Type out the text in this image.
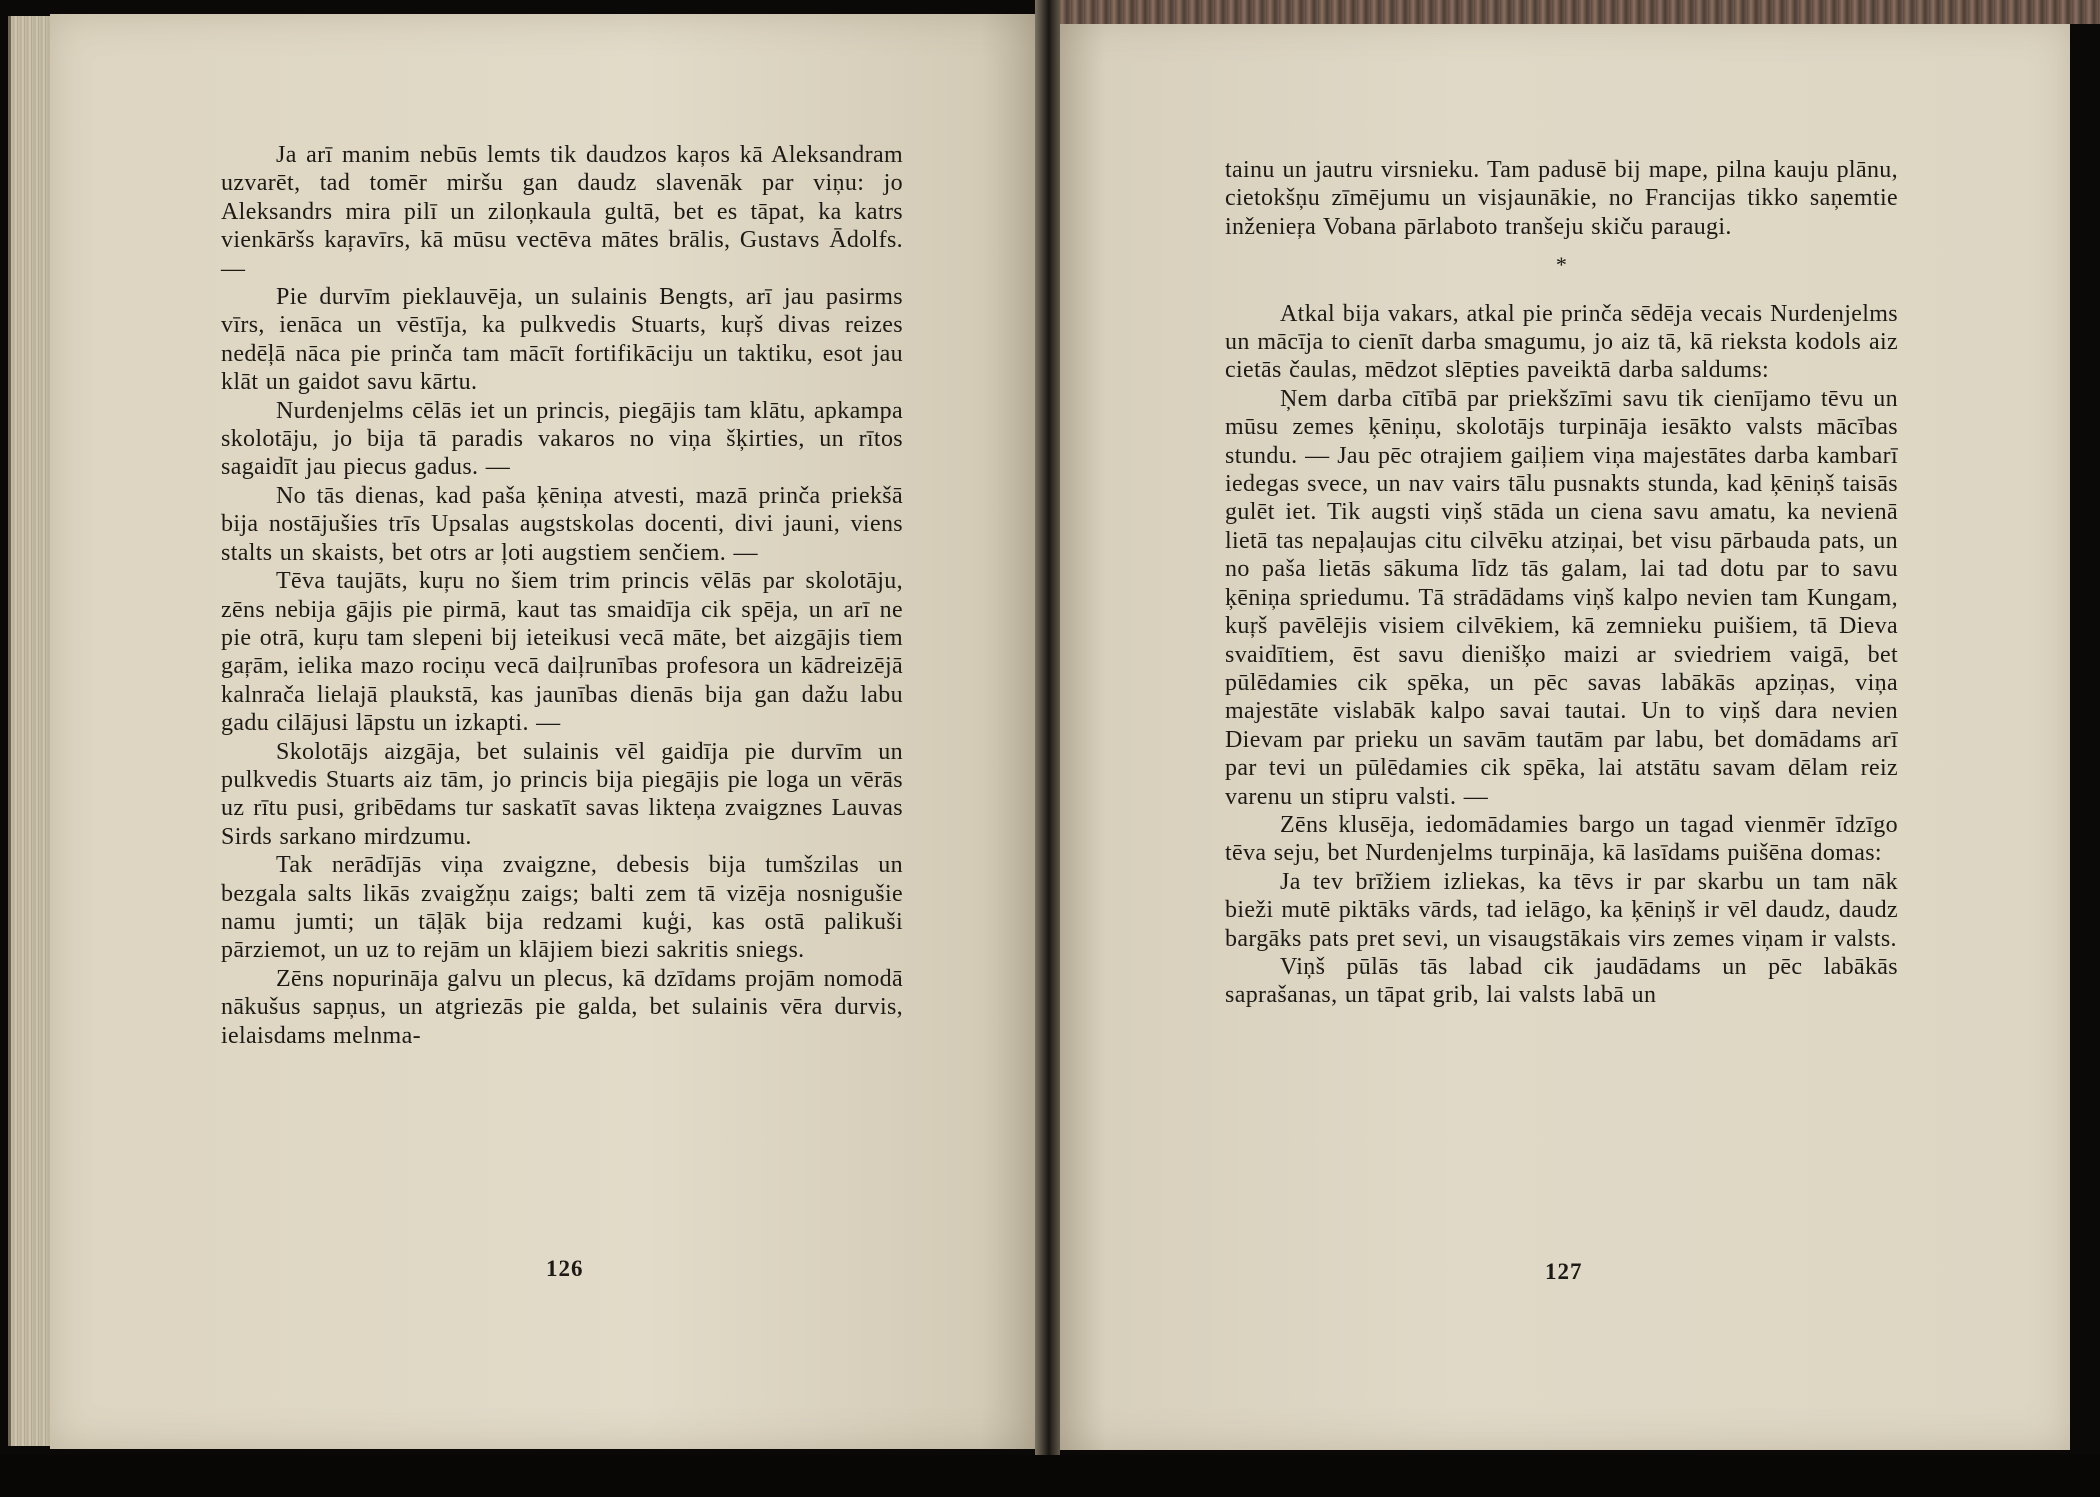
Ja arī manim nebūs lemts tik daudzos kaŗos kā Aleksandram uzvarēt, tad tomēr miršu gan daudz slavenāk par viņu: jo Aleksandrs mira pilī un ziloņkaula gultā, bet es tāpat, ka katrs vienkāršs kaŗavīrs, kā mūsu vectēva mātes brālis, Gustavs Ādolfs. —

Pie durvīm pieklauvēja, un sulainis Bengts, arī jau pasirms vīrs, ienāca un vēstīja, ka pulkvedis Stuarts, kuŗš divas reizes nedēļā nāca pie prinča tam mācīt fortifikāciju un taktiku, esot jau klāt un gaidot savu kārtu.

Nurdenjelms cēlās iet un princis, piegājis tam klātu, apkampa skolotāju, jo bija tā paradis vakaros no viņa šķirties, un rītos sagaidīt jau piecus gadus. —

No tās dienas, kad paša ķēniņa atvesti, mazā prinča priekšā bija nostājušies trīs Upsalas augstskolas docenti, divi jauni, viens stalts un skaists, bet otrs ar ļoti augstiem senčiem. —

Tēva taujāts, kuŗu no šiem trim princis vēlās par skolotāju, zēns nebija gājis pie pirmā, kaut tas smaidīja cik spēja, un arī ne pie otrā, kuŗu tam slepeni bij ieteikusi vecā māte, bet aizgājis tiem gaŗām, ielika mazo rociņu vecā daiļrunības profesora un kādreizējā kalnrača lielajā plaukstā, kas jaunības dienās bija gan dažu labu gadu cilājusi lāpstu un izkapti. —

Skolotājs aizgāja, bet sulainis vēl gaidīja pie durvīm un pulkvedis Stuarts aiz tām, jo princis bija piegājis pie loga un vērās uz rītu pusi, gribēdams tur saskatīt savas likteņa zvaigznes Lauvas Sirds sarkano mirdzumu.

Tak nerādījās viņa zvaigzne, debesis bija tumšzilas un bezgala salts likās zvaigžņu zaigs; balti zem tā vizēja nosnigušie namu jumti; un tāļāk bija redzami kuģi, kas ostā palikuši pārziemot, un uz to rejām un klājiem biezi sakritis sniegs.

Zēns nopurināja galvu un plecus, kā dzīdams projām nomodā nākušus sapņus, un atgriezās pie galda, bet sulainis vēra durvis, ielaisdams melnma-

126

tainu un jautru virsnieku. Tam padusē bij mape, pilna kauju plānu, cietokšņu zīmējumu un visjaunākie, no Francijas tikko saņemtie inženieŗa Vobana pārlaboto tranšeju skiču paraugi.

*

Atkal bija vakars, atkal pie prinča sēdēja vecais Nurdenjelms un mācīja to cienīt darba smagumu, jo aiz tā, kā rieksta kodols aiz cietās čaulas, mēdzot slēpties paveiktā darba saldums:

Ņem darba cītībā par priekšzīmi savu tik cienījamo tēvu un mūsu zemes ķēniņu, skolotājs turpināja iesākto valsts mācības stundu. — Jau pēc otrajiem gaiļiem viņa majestātes darba kambarī iedegas svece, un nav vairs tālu pusnakts stunda, kad ķēniņš taisās gulēt iet. Tik augsti viņš stāda un ciena savu amatu, ka nevienā lietā tas nepaļaujas citu cilvēku atziņai, bet visu pārbauda pats, un no paša lietās sākuma līdz tās galam, lai tad dotu par to savu ķēniņa spriedumu. Tā strādādams viņš kalpo nevien tam Kungam, kuŗš pavēlējis visiem cilvēkiem, kā zemnieku puišiem, tā Dieva svaidītiem, ēst savu dienišķo maizi ar sviedriem vaigā, bet pūlēdamies cik spēka, un pēc savas labākās apziņas, viņa majestāte vislabāk kalpo savai tautai. Un to viņš dara nevien Dievam par prieku un savām tautām par labu, bet domādams arī par tevi un pūlēdamies cik spēka, lai atstātu savam dēlam reiz varenu un stipru valsti. —

Zēns klusēja, iedomādamies bargo un tagad vienmēr īdzīgo tēva seju, bet Nurdenjelms turpināja, kā lasīdams puišēna domas:

Ja tev brīžiem izliekas, ka tēvs ir par skarbu un tam nāk bieži mutē piktāks vārds, tad ielāgo, ka ķēniņš ir vēl daudz, daudz bargāks pats pret sevi, un visaugstākais virs zemes viņam ir valsts.

Viņš pūlās tās labad cik jaudādams un pēc labākās saprašanas, un tāpat grib, lai valsts labā un

127
